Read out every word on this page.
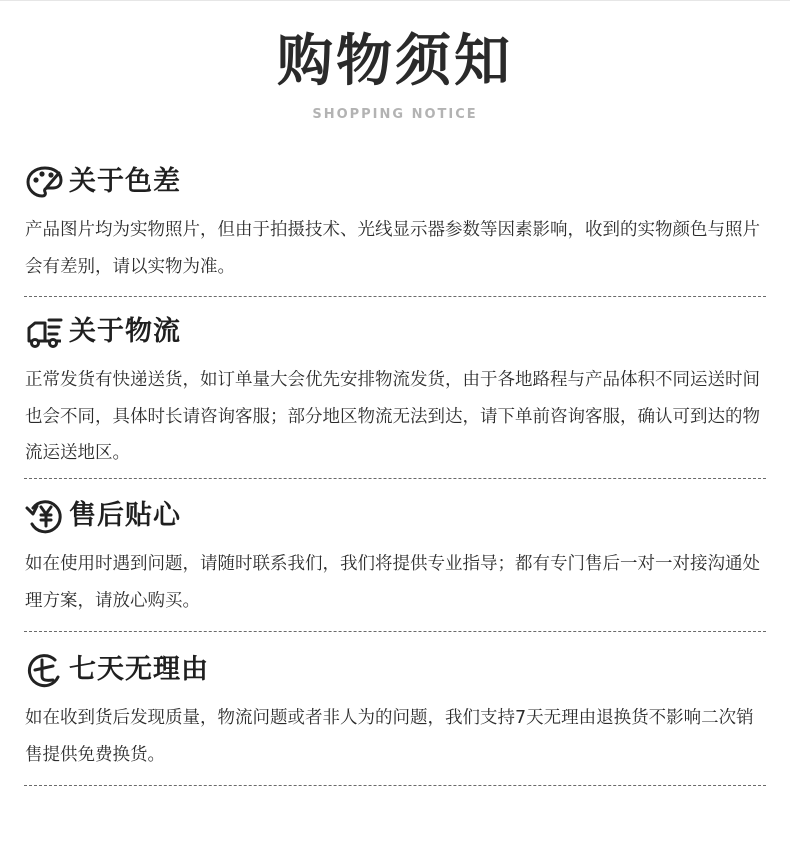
购物须知
SHOPPING NOTICE
关于色差
产品图片均为实物照片，但由于拍摄技术、光线显示器参数等因素影响，收到的实物颜色与照片会有差别，请以实物为准。
关于物流
正常发货有快递送货，如订单量大会优先安排物流发货，由于各地路程与产品体积不同运送时间也会不同，具体时长请咨询客服；部分地区物流无法到达，请下单前咨询客服，确认可到达的物流运送地区。
售后贴心
如在使用时遇到问题，请随时联系我们，我们将提供专业指导；都有专门售后一对一对接沟通处理方案，请放心购买。
七天无理由
如在收到货后发现质量，物流问题或者非人为的问题，我们支持7天无理由退换货不影响二次销售提供免费换货。
